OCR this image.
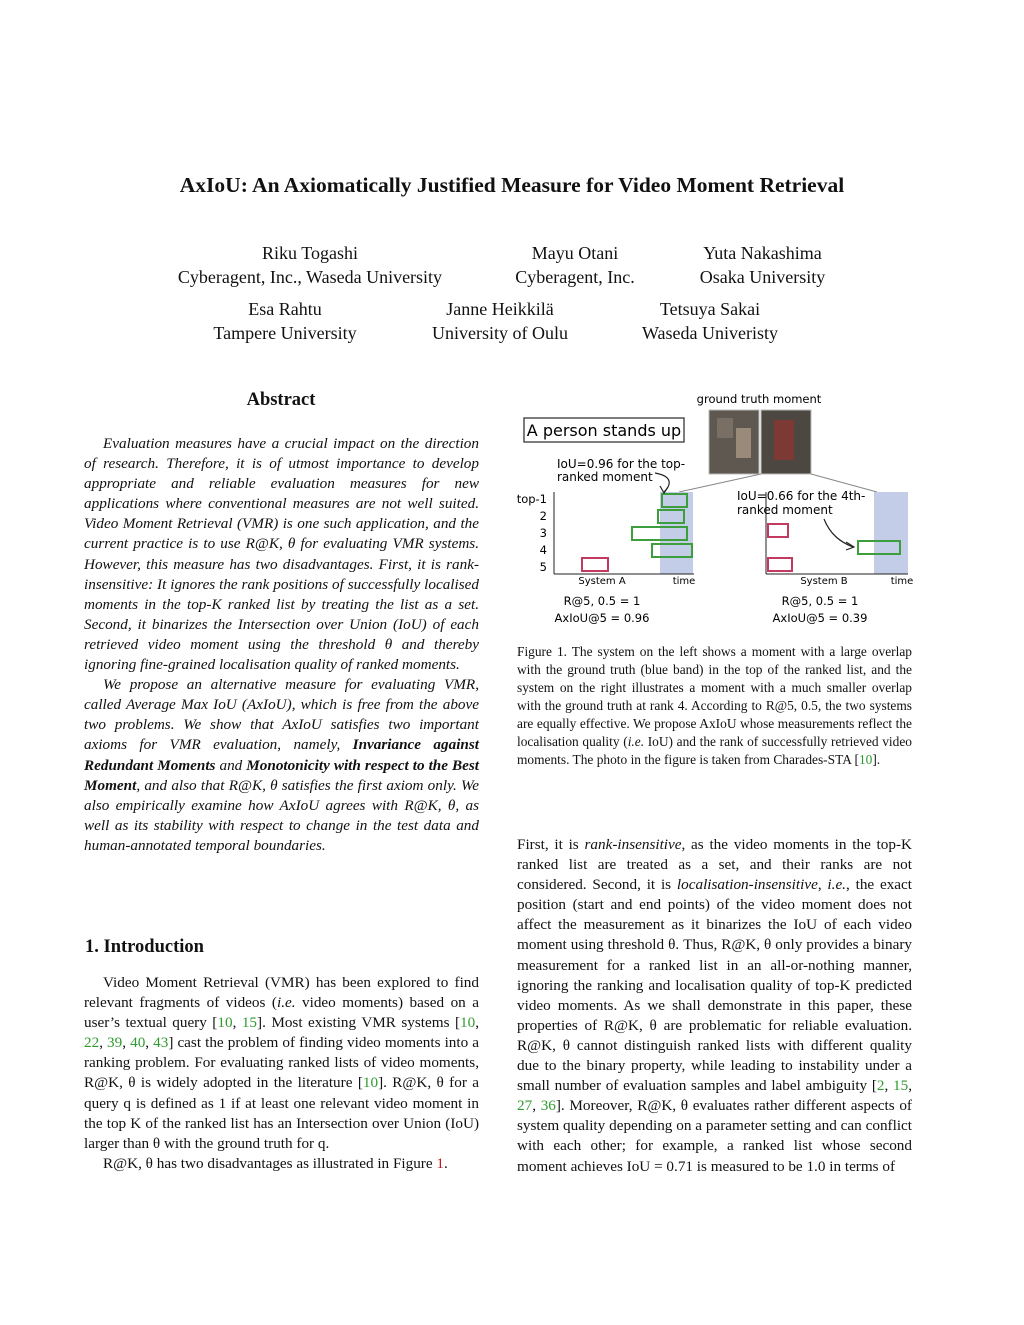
AxIoU: An Axiomatically Justified Measure for Video Moment Retrieval
Riku Togashi
Cyberagent, Inc., Waseda University
Mayu Otani
Cyberagent, Inc.
Yuta Nakashima
Osaka University
Esa Rahtu
Tampere University
Janne Heikkilä
University of Oulu
Tetsuya Sakai
Waseda Univeristy
Abstract

Evaluation measures have a crucial impact on the direction of research. Therefore, it is of utmost importance to develop appropriate and reliable evaluation measures for new applications where conventional measures are not well suited. Video Moment Retrieval (VMR) is one such application, and the current practice is to use R@K, θ for evaluating VMR systems. However, this measure has two disadvantages. First, it is rank-insensitive: It ignores the rank positions of successfully localised moments in the top-K ranked list by treating the list as a set. Second, it binarizes the Intersection over Union (IoU) of each retrieved video moment using the threshold θ and thereby ignoring fine-grained localisation quality of ranked moments.

We propose an alternative measure for evaluating VMR, called Average Max IoU (AxIoU), which is free from the above two problems. We show that AxIoU satisfies two important axioms for VMR evaluation, namely, Invariance against Redundant Moments and Monotonicity with respect to the Best Moment, and also that R@K, θ satisfies the first axiom only. We also empirically examine how AxIoU agrees with R@K, θ, as well as its stability with respect to change in the test data and human-annotated temporal boundaries.

1. Introduction

Video Moment Retrieval (VMR) has been explored to find relevant fragments of videos (i.e. video moments) based on a user’s textual query [10, 15]. Most existing VMR systems [10, 22, 39, 40, 43] cast the problem of finding video moments into a ranking problem. For evaluating ranked lists of video moments, R@K, θ is widely adopted in the literature [10]. R@K, θ for a query q is defined as 1 if at least one relevant video moment in the top K of the ranked list has an Intersection over Union (IoU) larger than θ with the ground truth for q.

R@K, θ has two disadvantages as illustrated in Figure 1.

A person stands up
ground truth moment
top-1
2
3
4
5
IoU=0.96 for the top-
ranked moment
System A	time
R@5, 0.5 = 1
AxIoU@5 = 0.96
IoU=0.66 for the 4th-
ranked moment
System B	time
R@5, 0.5 = 1
AxIoU@5 = 0.39

Figure 1. The system on the left shows a moment with a large overlap with the ground truth (blue band) in the top of the ranked list, and the system on the right illustrates a moment with a much smaller overlap with the ground truth at rank 4. According to R@5, 0.5, the two systems are equally effective. We propose AxIoU whose measurements reflect the localisation quality (i.e. IoU) and the rank of successfully retrieved video moments. The photo in the figure is taken from Charades-STA [10].

First, it is rank-insensitive, as the video moments in the top-K ranked list are treated as a set, and their ranks are not considered. Second, it is localisation-insensitive, i.e., the exact position (start and end points) of the video moment does not affect the measurement as it binarizes the IoU of each video moment using threshold θ. Thus, R@K, θ only provides a binary measurement for a ranked list in an all-or-nothing manner, ignoring the ranking and localisation quality of top-K predicted video moments. As we shall demonstrate in this paper, these properties of R@K, θ are problematic for reliable evaluation. R@K, θ cannot distinguish ranked lists with different quality due to the binary property, while leading to instability under a small number of evaluation samples and label ambiguity [2, 15, 27, 36]. Moreover, R@K, θ evaluates rather different aspects of system quality depending on a parameter setting and can conflict with each other; for example, a ranked list whose second moment achieves IoU = 0.71 is measured to be 1.0 in terms of
